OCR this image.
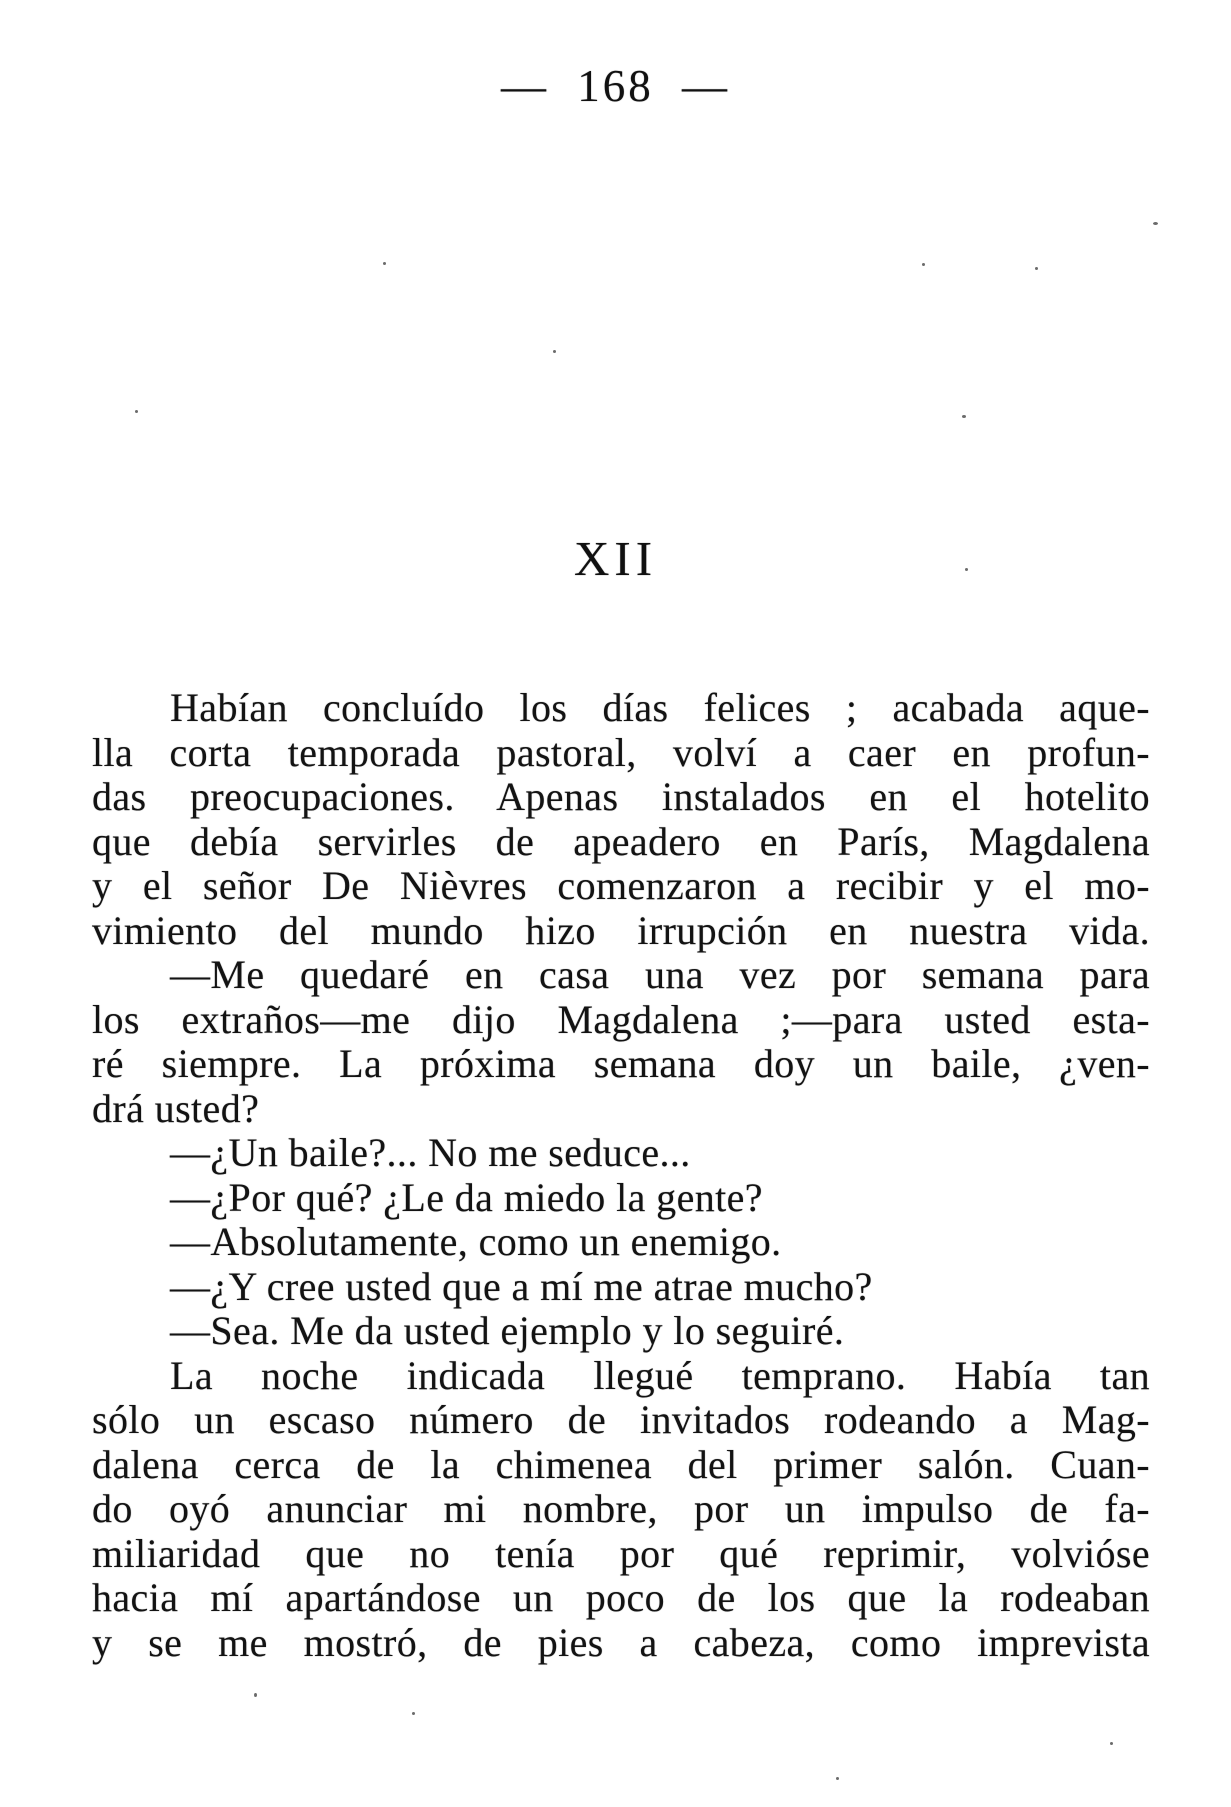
— 168 —
XII
Habían concluído los días felices ; acabada aque-
lla corta temporada pastoral, volví a caer en profun-
das preocupaciones. Apenas instalados en el hotelito
que debía servirles de apeadero en París, Magdalena
y el señor De Nièvres comenzaron a recibir y el mo-
vimiento del mundo hizo irrupción en nuestra vida.
—Me quedaré en casa una vez por semana para
los extraños—me dijo Magdalena ;—para usted esta-
ré siempre. La próxima semana doy un baile, ¿ven-
drá usted?
—¿Un baile?... No me seduce...
—¿Por qué? ¿Le da miedo la gente?
—Absolutamente, como un enemigo.
—¿Y cree usted que a mí me atrae mucho?
—Sea. Me da usted ejemplo y lo seguiré.
La noche indicada llegué temprano. Había tan
sólo un escaso número de invitados rodeando a Mag-
dalena cerca de la chimenea del primer salón. Cuan-
do oyó anunciar mi nombre, por un impulso de fa-
miliaridad que no tenía por qué reprimir, volvióse
hacia mí apartándose un poco de los que la rodeaban
y se me mostró, de pies a cabeza, como imprevista
